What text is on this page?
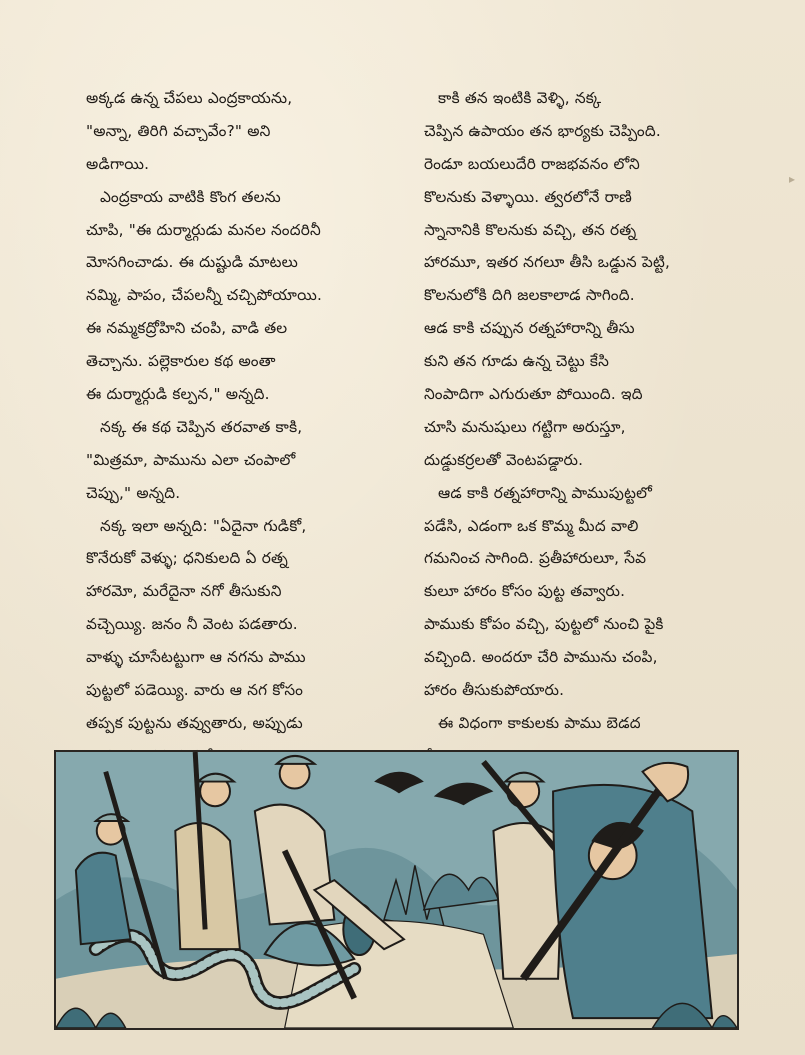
అక్కడ ఉన్న చేపలు ఎంద్రకాయను,
"అన్నా, తిరిగి వచ్చావేం?" అని
అడిగాయి.

ఎంద్రకాయ వాటికి కొంగ తలను
చూపి, "ఈ దుర్మార్గుడు మనల నందరినీ
మోసగించాడు. ఈ దుష్టుడి మాటలు
నమ్మి, పాపం, చేపలన్నీ చచ్చిపోయాయి.
ఈ నమ్మకద్రోహిని చంపి, వాడి తల
తెచ్చాను. పల్లెకారుల కథ అంతా
ఈ దుర్మార్గుడి కల్పన," అన్నది.

నక్క ఈ కథ చెప్పిన తరవాత కాకి,
"మిత్రమా, పామును ఎలా చంపాలో
చెప్పు," అన్నది.

నక్క ఇలా అన్నది: "ఏదైనా గుడికో,
కొనేరుకో వెళ్ళు; ధనికులది ఏ రత్న
హారమో, మరేదైనా నగో తీసుకుని
వచ్చెయ్యి. జనం నీ వెంట పడతారు.
వాళ్ళు చూసేటట్టుగా ఆ నగను పాము
పుట్టలో పడెయ్యి. వారు ఆ నగ కోసం
తప్పక పుట్టను తవ్వుతారు, అప్పుడు

కాకి తన ఇంటికి వెళ్ళి, నక్క
చెప్పిన ఉపాయం తన భార్యకు చెప్పింది.
రెండూ బయలుదేరి రాజభవనం లోని
కొలనుకు వెళ్ళాయి. త్వరలోనే రాణి
స్నానానికి కొలనుకు వచ్చి, తన రత్న
హారమూ, ఇతర నగలూ తీసి ఒడ్డున పెట్టి,
కొలనులోకి దిగి జలకాలాడ సాగింది.
ఆడ కాకి చప్పున రత్నహారాన్ని తీసు
కుని తన గూడు ఉన్న చెట్టు కేసి
నింపాదిగా ఎగురుతూ పోయింది. ఇది
చూసి మనుషులు గట్టిగా అరుస్తూ,
దుడ్డుకర్రలతో వెంటపడ్డారు.

ఆడ కాకి రత్నహారాన్ని పాముపుట్టలో
పడేసి, ఎడంగా ఒక కొమ్మ మీద వాలి
గమనించ సాగింది. ప్రతీహారులూ, సేవ
కులూ హారం కోసం పుట్ట తవ్వారు.
పాముకు కోపం వచ్చి, పుట్టలో నుంచి పైకి
వచ్చింది. అందరూ చేరి పామును చంపి,
హారం తీసుకుపోయారు.

ఈ విధంగా కాకులకు పాము బెడద

▸
